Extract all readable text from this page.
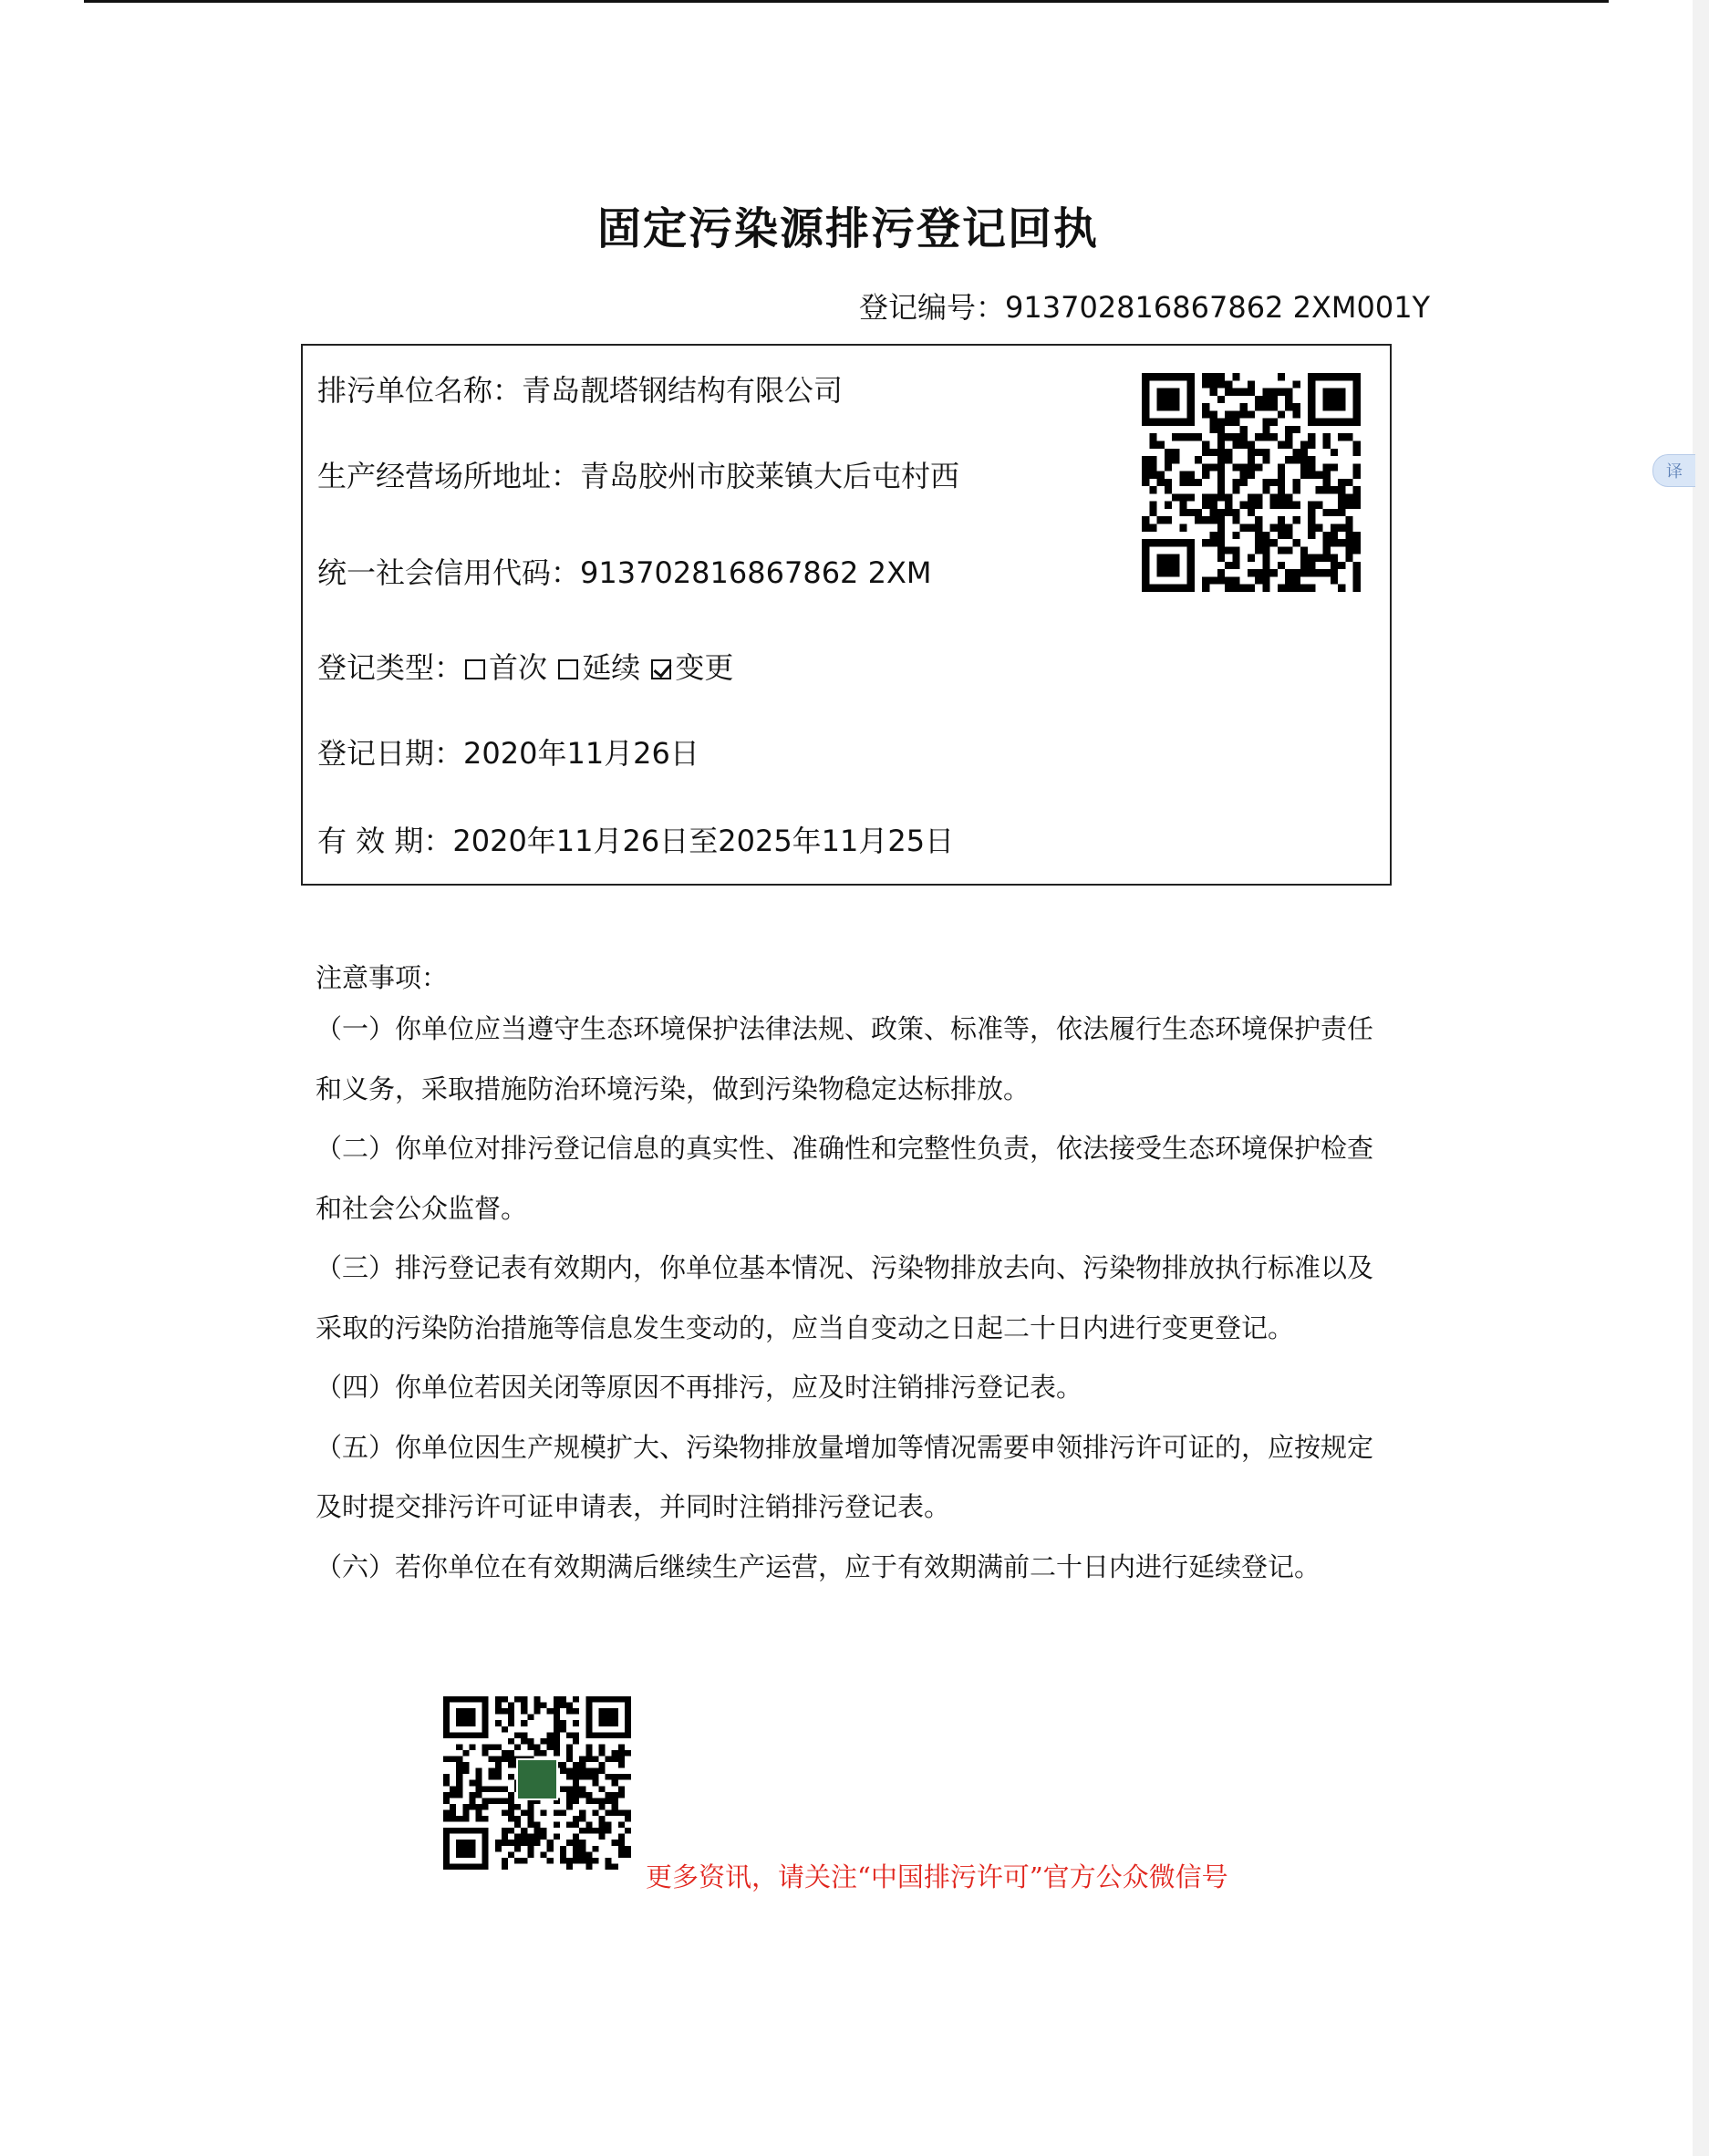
译
固定污染源排污登记回执
登记编号：913702816867862 2XM001Y
排污单位名称：青岛靓塔钢结构有限公司
生产经营场所地址：青岛胶州市胶莱镇大后屯村西
统一社会信用代码：913702816867862 2XM
登记类型： 首次 延续 变更
登记日期：2020年11月26日
有 效 期：2020年11月26日至2025年11月25日
注意事项：

（一）你单位应当遵守生态环境保护法律法规、政策、标准等，依法履行生态环境保护责任和义务，采取措施防治环境污染，做到污染物稳定达标排放。

（二）你单位对排污登记信息的真实性、准确性和完整性负责，依法接受生态环境保护检查和社会公众监督。

（三）排污登记表有效期内，你单位基本情况、污染物排放去向、污染物排放执行标准以及采取的污染防治措施等信息发生变动的，应当自变动之日起二十日内进行变更登记。

（四）你单位若因关闭等原因不再排污，应及时注销排污登记表。

（五）你单位因生产规模扩大、污染物排放量增加等情况需要申领排污许可证的，应按规定及时提交排污许可证申请表，并同时注销排污登记表。

（六）若你单位在有效期满后继续生产运营，应于有效期满前二十日内进行延续登记。

更多资讯，请关注“中国排污许可”官方公众微信号
